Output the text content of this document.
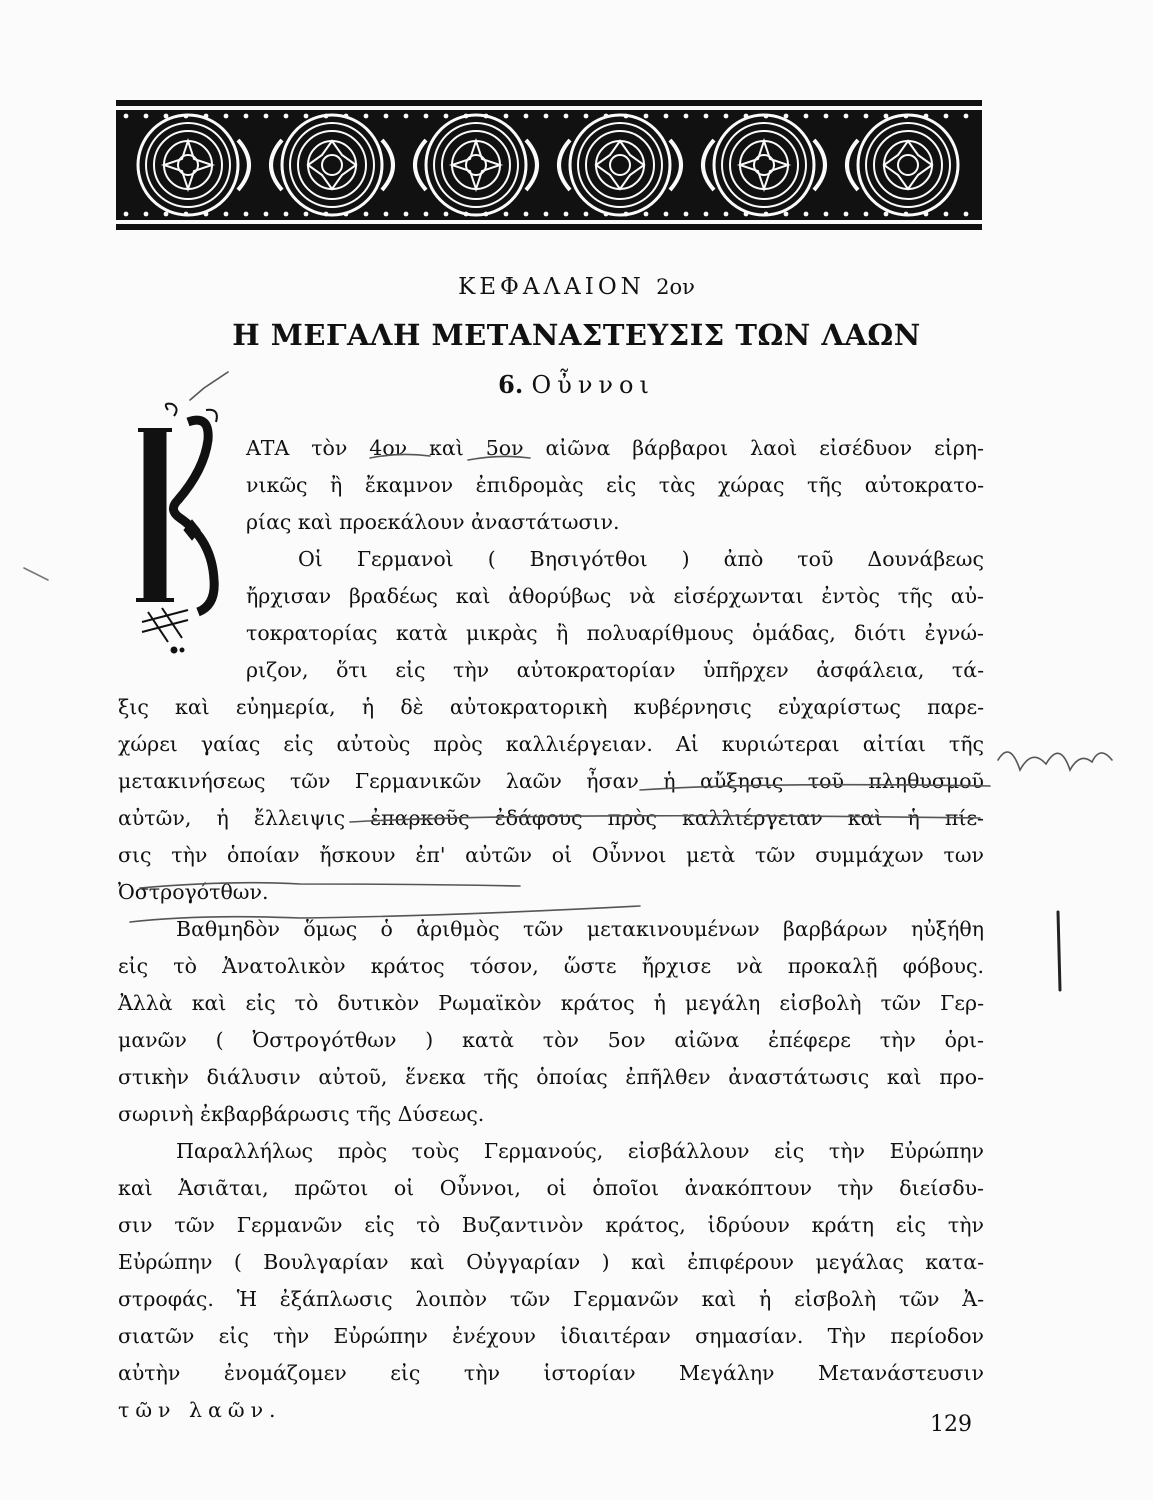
ΚΕΦΑΛΑΙΟΝ 2ον
Η ΜΕΓΑΛΗ ΜΕΤΑΝΑΣΤΕΥΣΙΣ ΤΩΝ ΛΑΩΝ
6. Οὖννοι
ΑΤΑ τὸν 4ον καὶ 5ον αἰῶνα βάρβαροι λαοὶ εἰσέδυον εἰρη-
νικῶς ἢ ἔκαμνον ἐπιδρομὰς εἰς τὰς χώρας τῆς αὐτοκρατο-
ρίας καὶ προεκάλουν ἀναστάτωσιν.
Οἱ Γερμανοὶ ( Βησιγότθοι ) ἀπὸ τοῦ Δουνάβεως
ἤρχισαν βραδέως καὶ ἀθορύβως νὰ εἰσέρχωνται ἐντὸς τῆς αὐ-
τοκρατορίας κατὰ μικρὰς ἢ πολυαρίθμους ὁμάδας, διότι ἐγνώ-
ριζον, ὅτι εἰς τὴν αὐτοκρατορίαν ὑπῆρχεν ἀσφάλεια, τά-
ξις καὶ εὐημερία, ἡ δὲ αὐτοκρατορικὴ κυβέρνησις εὐχαρίστως παρε-
χώρει γαίας εἰς αὐτοὺς πρὸς καλλιέργειαν. Αἱ κυριώτεραι αἰτίαι τῆς
μετακινήσεως τῶν Γερμανικῶν λαῶν ἦσαν ἡ αὔξησις τοῦ πληθυσμοῦ
αὐτῶν, ἡ ἔλλειψις ἐπαρκοῦς ἐδάφους πρὸς καλλιέργειαν καὶ ἡ πίε-
σις τὴν ὁποίαν ἤσκουν ἐπ' αὐτῶν οἱ Οὖννοι μετὰ τῶν συμμάχων των
Ὀστρογότθων.
Βαθμηδὸν ὅμως ὁ ἀριθμὸς τῶν μετακινουμένων βαρβάρων ηὐξήθη
εἰς τὸ Ἀνατολικὸν κράτος τόσον, ὥστε ἤρχισε νὰ προκαλῇ φόβους.
Ἀλλὰ καὶ εἰς τὸ δυτικὸν Ρωμαϊκὸν κράτος ἡ μεγάλη εἰσβολὴ τῶν Γερ-
μανῶν ( Ὀστρογότθων ) κατὰ τὸν 5ον αἰῶνα ἐπέφερε τὴν ὁρι-
στικὴν διάλυσιν αὐτοῦ, ἕνεκα τῆς ὁποίας ἐπῆλθεν ἀναστάτωσις καὶ προ-
σωρινὴ ἐκβαρβάρωσις τῆς Δύσεως.
Παραλλήλως πρὸς τοὺς Γερμανούς, εἰσβάλλουν εἰς τὴν Εὐρώπην
καὶ Ἀσιᾶται, πρῶτοι οἱ Οὖννοι, οἱ ὁποῖοι ἀνακόπτουν τὴν διείσδυ-
σιν τῶν Γερμανῶν εἰς τὸ Βυζαντινὸν κράτος, ἱδρύουν κράτη εἰς τὴν
Εὐρώπην ( Βουλγαρίαν καὶ Οὐγγαρίαν ) καὶ ἐπιφέρουν μεγάλας κατα-
στροφάς. Ἡ ἐξάπλωσις λοιπὸν τῶν Γερμανῶν καὶ ἡ εἰσβολὴ τῶν Ἀ-
σιατῶν εἰς τὴν Εὐρώπην ἐνέχουν ἰδιαιτέραν σημασίαν. Τὴν περίοδον
αὐτὴν ἐνομάζομεν εἰς τὴν ἱστορίαν Μεγάλην Μετανάστευσιν
τῶν λαῶν.
129
